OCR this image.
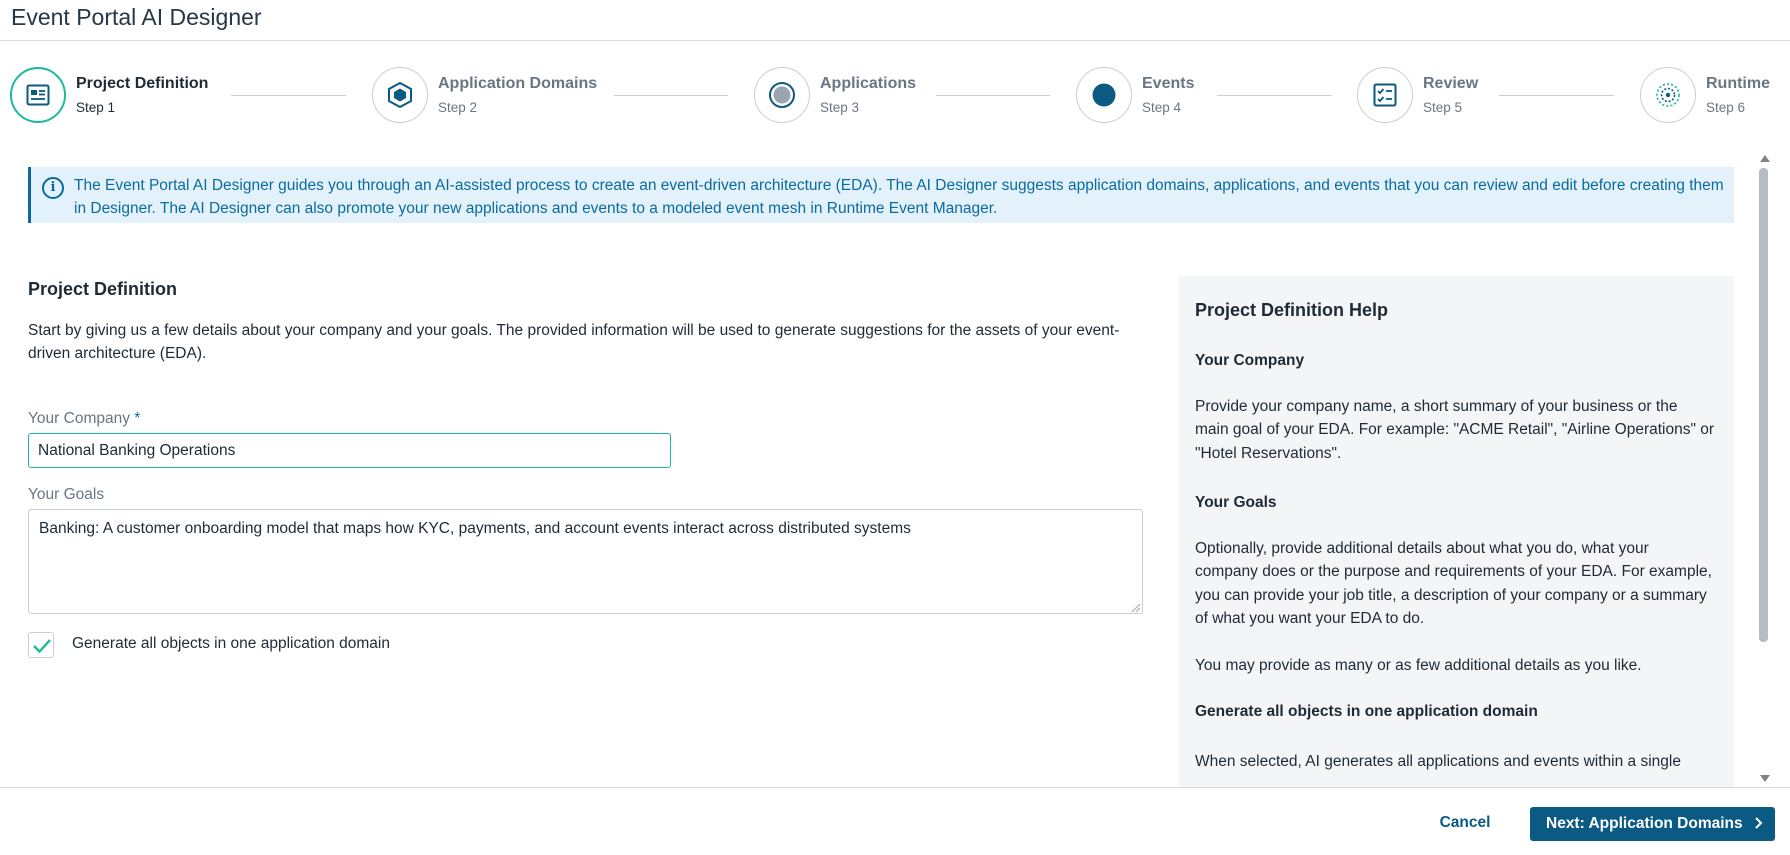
Event Portal AI Designer
Project Definition
Step 1
Application Domains
Step 2
Applications
Step 3
Events
Step 4
Review
Step 5
Runtime
Step 6
i	The Event Portal AI Designer guides you through an AI-assisted process to create an event-driven architecture (EDA). The AI Designer suggests application domains, applications, and events that you can review and edit before creating them in Designer. The AI Designer can also promote your new applications and events to a modeled event mesh in Runtime Event Manager.
Project Definition
Start by giving us a few details about your company and your goals. The provided information will be used to generate suggestions for the assets of your event-driven architecture (EDA).
Your Company *
National Banking Operations
Your Goals
Banking: A customer onboarding model that maps how KYC, payments, and account events interact across distributed systems
Generate all objects in one application domain
Project Definition Help
Your Company
Provide your company name, a short summary of your business or the main goal of your EDA. For example: "ACME Retail", "Airline Operations" or "Hotel Reservations".
Your Goals
Optionally, provide additional details about what you do, what your company does or the purpose and requirements of your EDA. For example, you can provide your job title, a description of your company or a summary of what you want your EDA to do.
You may provide as many or as few additional details as you like.
Generate all objects in one application domain
When selected, AI generates all applications and events within a single
Cancel	Next: Application Domains
